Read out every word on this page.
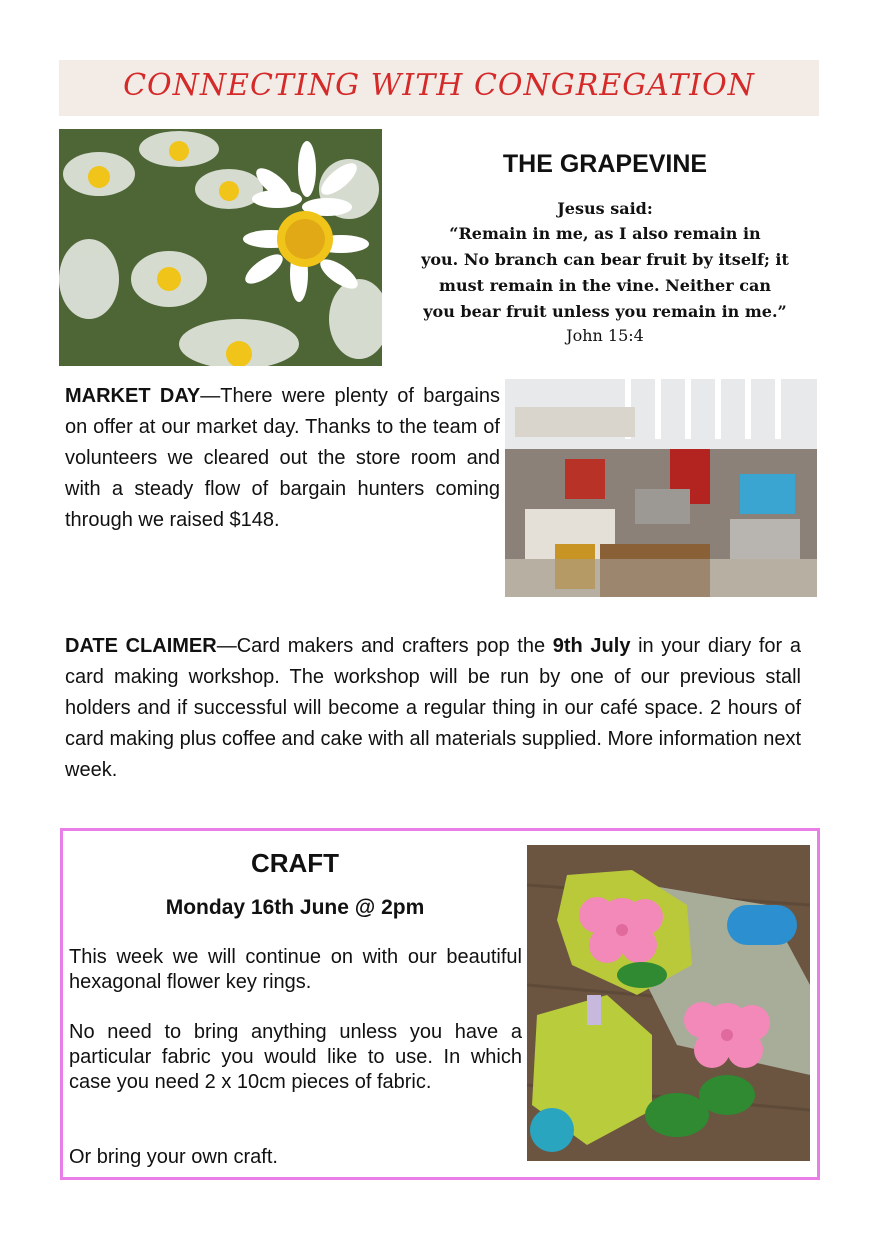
CONNECTING WITH CONGREGATION
THE GRAPEVINE
Jesus said:
“Remain in me, as I also remain in
you. No branch can bear fruit by itself; it
must remain in the vine. Neither can
you bear fruit unless you remain in me.”
John 15:4
MARKET DAY—There were plenty of bargains on offer at our market day. Thanks to the team of volunteers we cleared out the store room and with a steady flow of bargain hunters coming through we raised $148.
DATE CLAIMER—Card makers and crafters pop the 9th July in your diary for a card making workshop. The workshop will be run by one of our previous stall holders and if successful will become a regular thing in our café space. 2 hours of card making plus coffee and cake with all materials supplied. More information next week.
CRAFT
Monday 16th June @ 2pm
This week we will continue on with our beautiful hexagonal flower key rings.
No need to bring anything unless you have a particular fabric you would like to use. In which case you need 2 x 10cm pieces of fabric.
Or bring your own craft.
